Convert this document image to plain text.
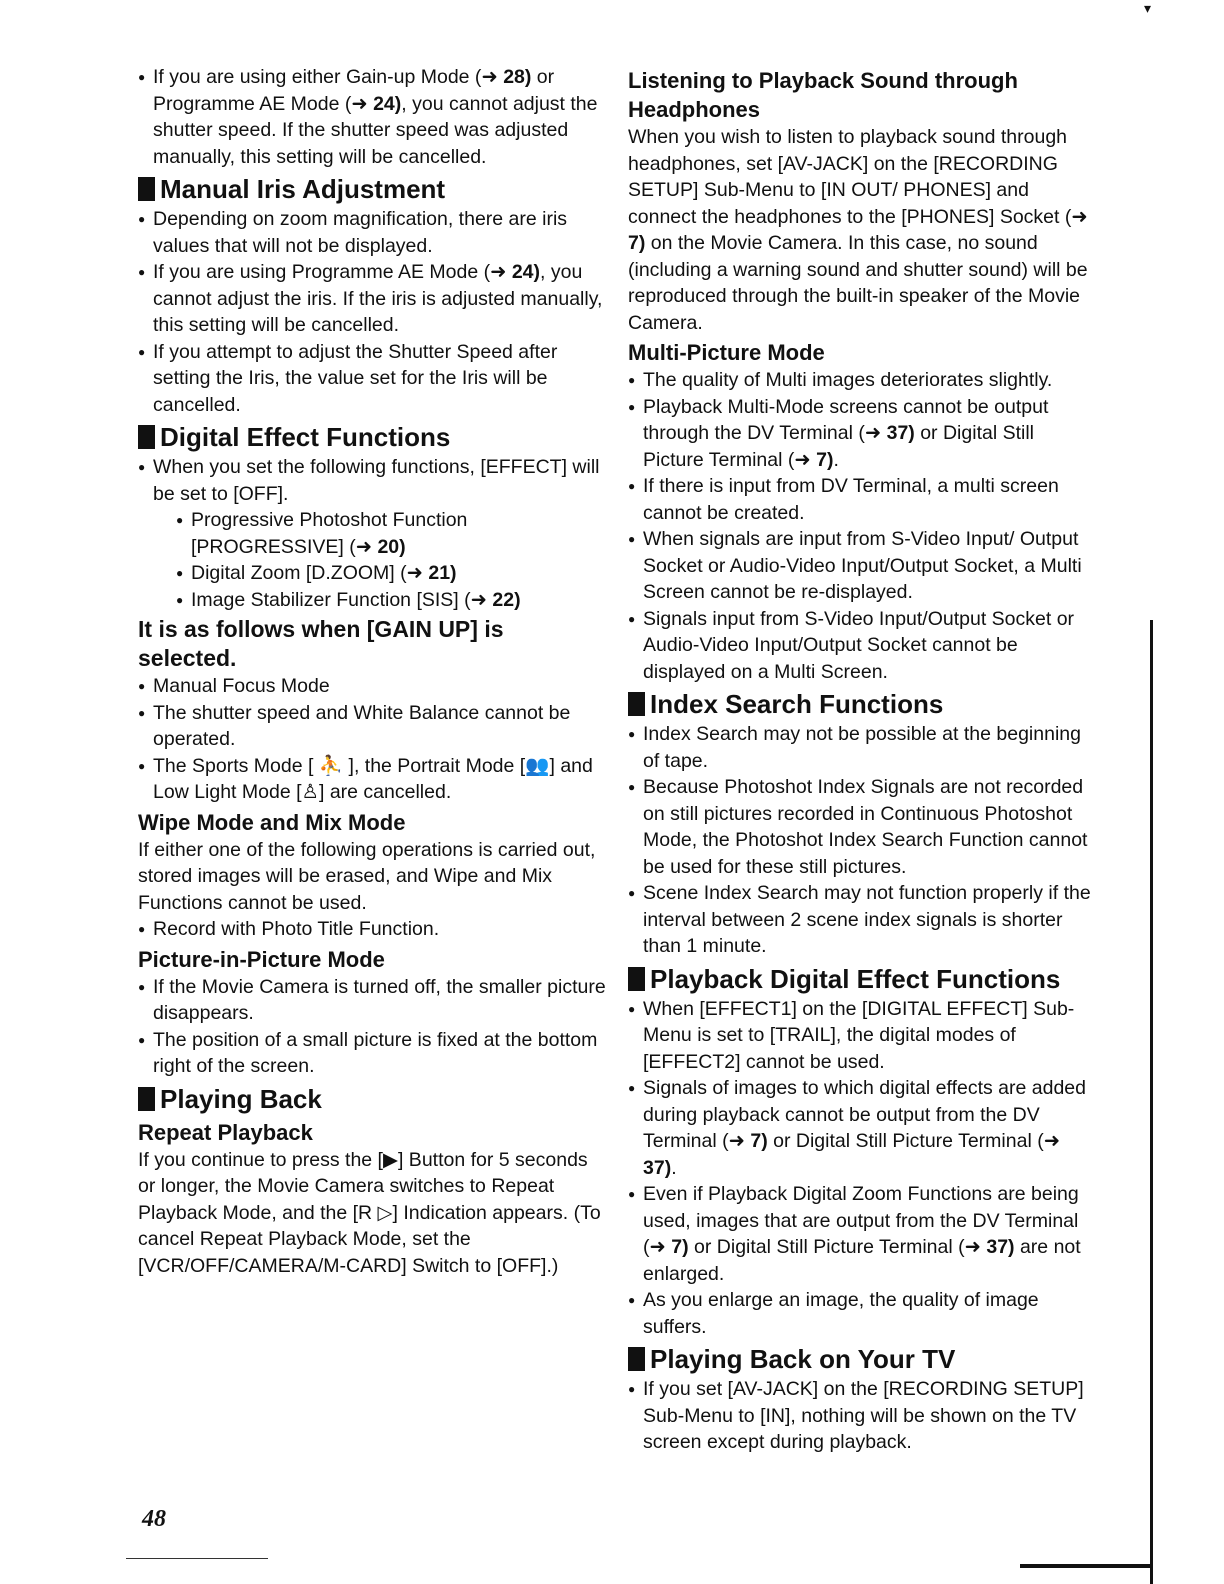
▾

● If you are using either Gain-up Mode (➜ 28) or Programme AE Mode (➜ 24), you cannot adjust the shutter speed. If the shutter speed was adjusted manually, this setting will be cancelled.

Manual Iris Adjustment

● Depending on zoom magnification, there are iris values that will not be displayed.

● If you are using Programme AE Mode (➜ 24), you cannot adjust the iris. If the iris is adjusted manually, this setting will be cancelled.

● If you attempt to adjust the Shutter Speed after setting the Iris, the value set for the Iris will be cancelled.

Digital Effect Functions

● When you set the following functions, [EFFECT] will be set to [OFF].

● Progressive Photoshot Function [PROGRESSIVE] (➜ 20)

● Digital Zoom [D.ZOOM] (➜ 21)

● Image Stabilizer Function [SIS] (➜ 22)

It is as follows when [GAIN UP] is selected.

● Manual Focus Mode

● The shutter speed and White Balance cannot be operated.

● The Sports Mode [ ⛹ ], the Portrait Mode [👥] and Low Light Mode [♙] are cancelled.

Wipe Mode and Mix Mode

If either one of the following operations is carried out, stored images will be erased, and Wipe and Mix Functions cannot be used.

● Record with Photo Title Function.

Picture-in-Picture Mode

● If the Movie Camera is turned off, the smaller picture disappears.

● The position of a small picture is fixed at the bottom right of the screen.

Playing Back

Repeat Playback

If you continue to press the [▶] Button for 5 seconds or longer, the Movie Camera switches to Repeat Playback Mode, and the [R ▷] Indication appears. (To cancel Repeat Playback Mode, set the [VCR/OFF/CAMERA/M-CARD] Switch to [OFF].)

Listening to Playback Sound through Headphones

When you wish to listen to playback sound through headphones, set [AV-JACK] on the [RECORDING SETUP] Sub-Menu to [IN OUT/ PHONES] and connect the headphones to the [PHONES] Socket (➜ 7) on the Movie Camera. In this case, no sound (including a warning sound and shutter sound) will be reproduced through the built-in speaker of the Movie Camera.

Multi-Picture Mode

● The quality of Multi images deteriorates slightly.

● Playback Multi-Mode screens cannot be output through the DV Terminal (➜ 37) or Digital Still Picture Terminal (➜ 7).

● If there is input from DV Terminal, a multi screen cannot be created.

● When signals are input from S-Video Input/ Output Socket or Audio-Video Input/Output Socket, a Multi Screen cannot be re-displayed.

● Signals input from S-Video Input/Output Socket or Audio-Video Input/Output Socket cannot be displayed on a Multi Screen.

Index Search Functions

● Index Search may not be possible at the beginning of tape.

● Because Photoshot Index Signals are not recorded on still pictures recorded in Continuous Photoshot Mode, the Photoshot Index Search Function cannot be used for these still pictures.

● Scene Index Search may not function properly if the interval between 2 scene index signals is shorter than 1 minute.

Playback Digital Effect Functions

● When [EFFECT1] on the [DIGITAL EFFECT] Sub-Menu is set to [TRAIL], the digital modes of [EFFECT2] cannot be used.

● Signals of images to which digital effects are added during playback cannot be output from the DV Terminal (➜ 7) or Digital Still Picture Terminal (➜ 37).

● Even if Playback Digital Zoom Functions are being used, images that are output from the DV Terminal (➜ 7) or Digital Still Picture Terminal (➜ 37) are not enlarged.

● As you enlarge an image, the quality of image suffers.

Playing Back on Your TV

● If you set [AV-JACK] on the [RECORDING SETUP] Sub-Menu to [IN], nothing will be shown on the TV screen except during playback.

48
